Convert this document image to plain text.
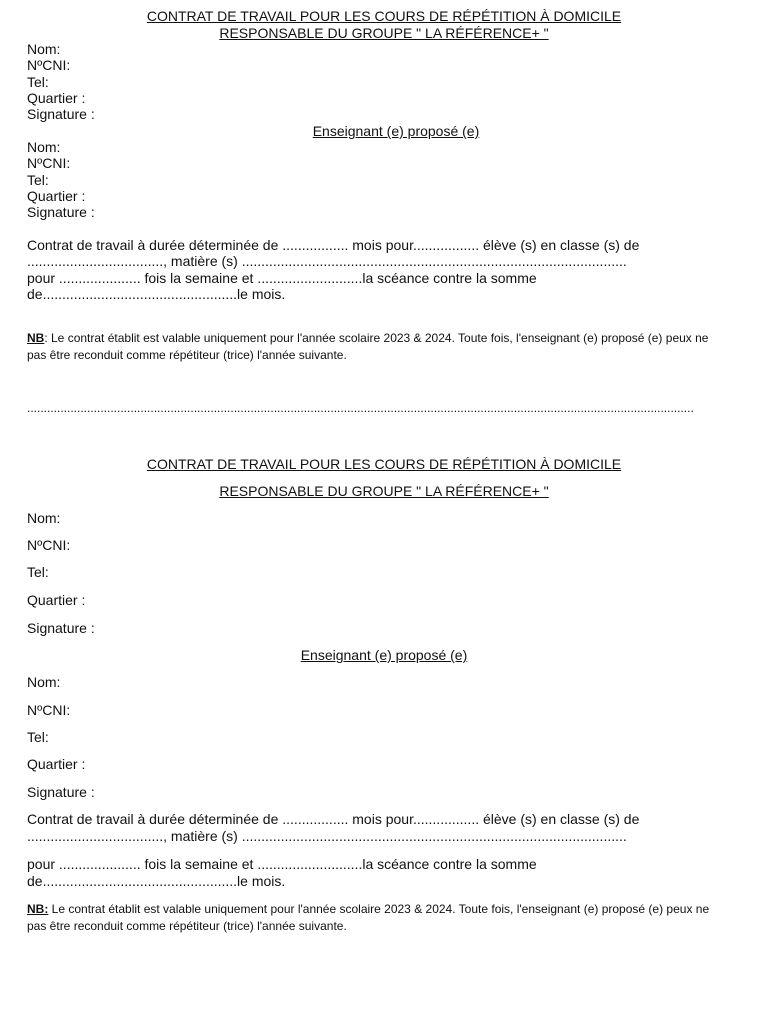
CONTRAT DE TRAVAIL POUR LES COURS DE RÉPÉTITION À DOMICILE
RESPONSABLE DU GROUPE " LA RÉFÉRENCE+ "
Nom:
NºCNI:
Tel:
Quartier :
Signature :
Enseignant (e) proposé (e)
Nom:
NºCNI:
Tel:
Quartier :
Signature :
Contrat de travail à durée déterminée de ................. mois pour................. élève (s) en classe (s) de
..................................., matière (s) ...................................................................................................
pour ..................... fois la semaine et ...........................la scéance contre la somme
de..................................................le mois.
NB: Le contrat établit est valable uniquement pour l'année scolaire 2023 & 2024. Toute fois, l'enseignant (e) proposé (e) peux ne pas être reconduit comme répétiteur (trice) l'année suivante.
........................................................................................................................................................................................................
CONTRAT DE TRAVAIL POUR LES COURS DE RÉPÉTITION À DOMICILE
RESPONSABLE DU GROUPE " LA RÉFÉRENCE+ "
Nom:
NºCNI:
Tel:
Quartier :
Signature :
Enseignant (e) proposé (e)
Nom:
NºCNI:
Tel:
Quartier :
Signature :
Contrat de travail à durée déterminée de ................. mois pour................. élève (s) en classe (s) de
..................................., matière (s) ...................................................................................................
pour ..................... fois la semaine et ...........................la scéance contre la somme
de..................................................le mois.
NB: Le contrat établit est valable uniquement pour l'année scolaire 2023 & 2024. Toute fois, l'enseignant (e) proposé (e) peux ne pas être reconduit comme répétiteur (trice) l'année suivante.
